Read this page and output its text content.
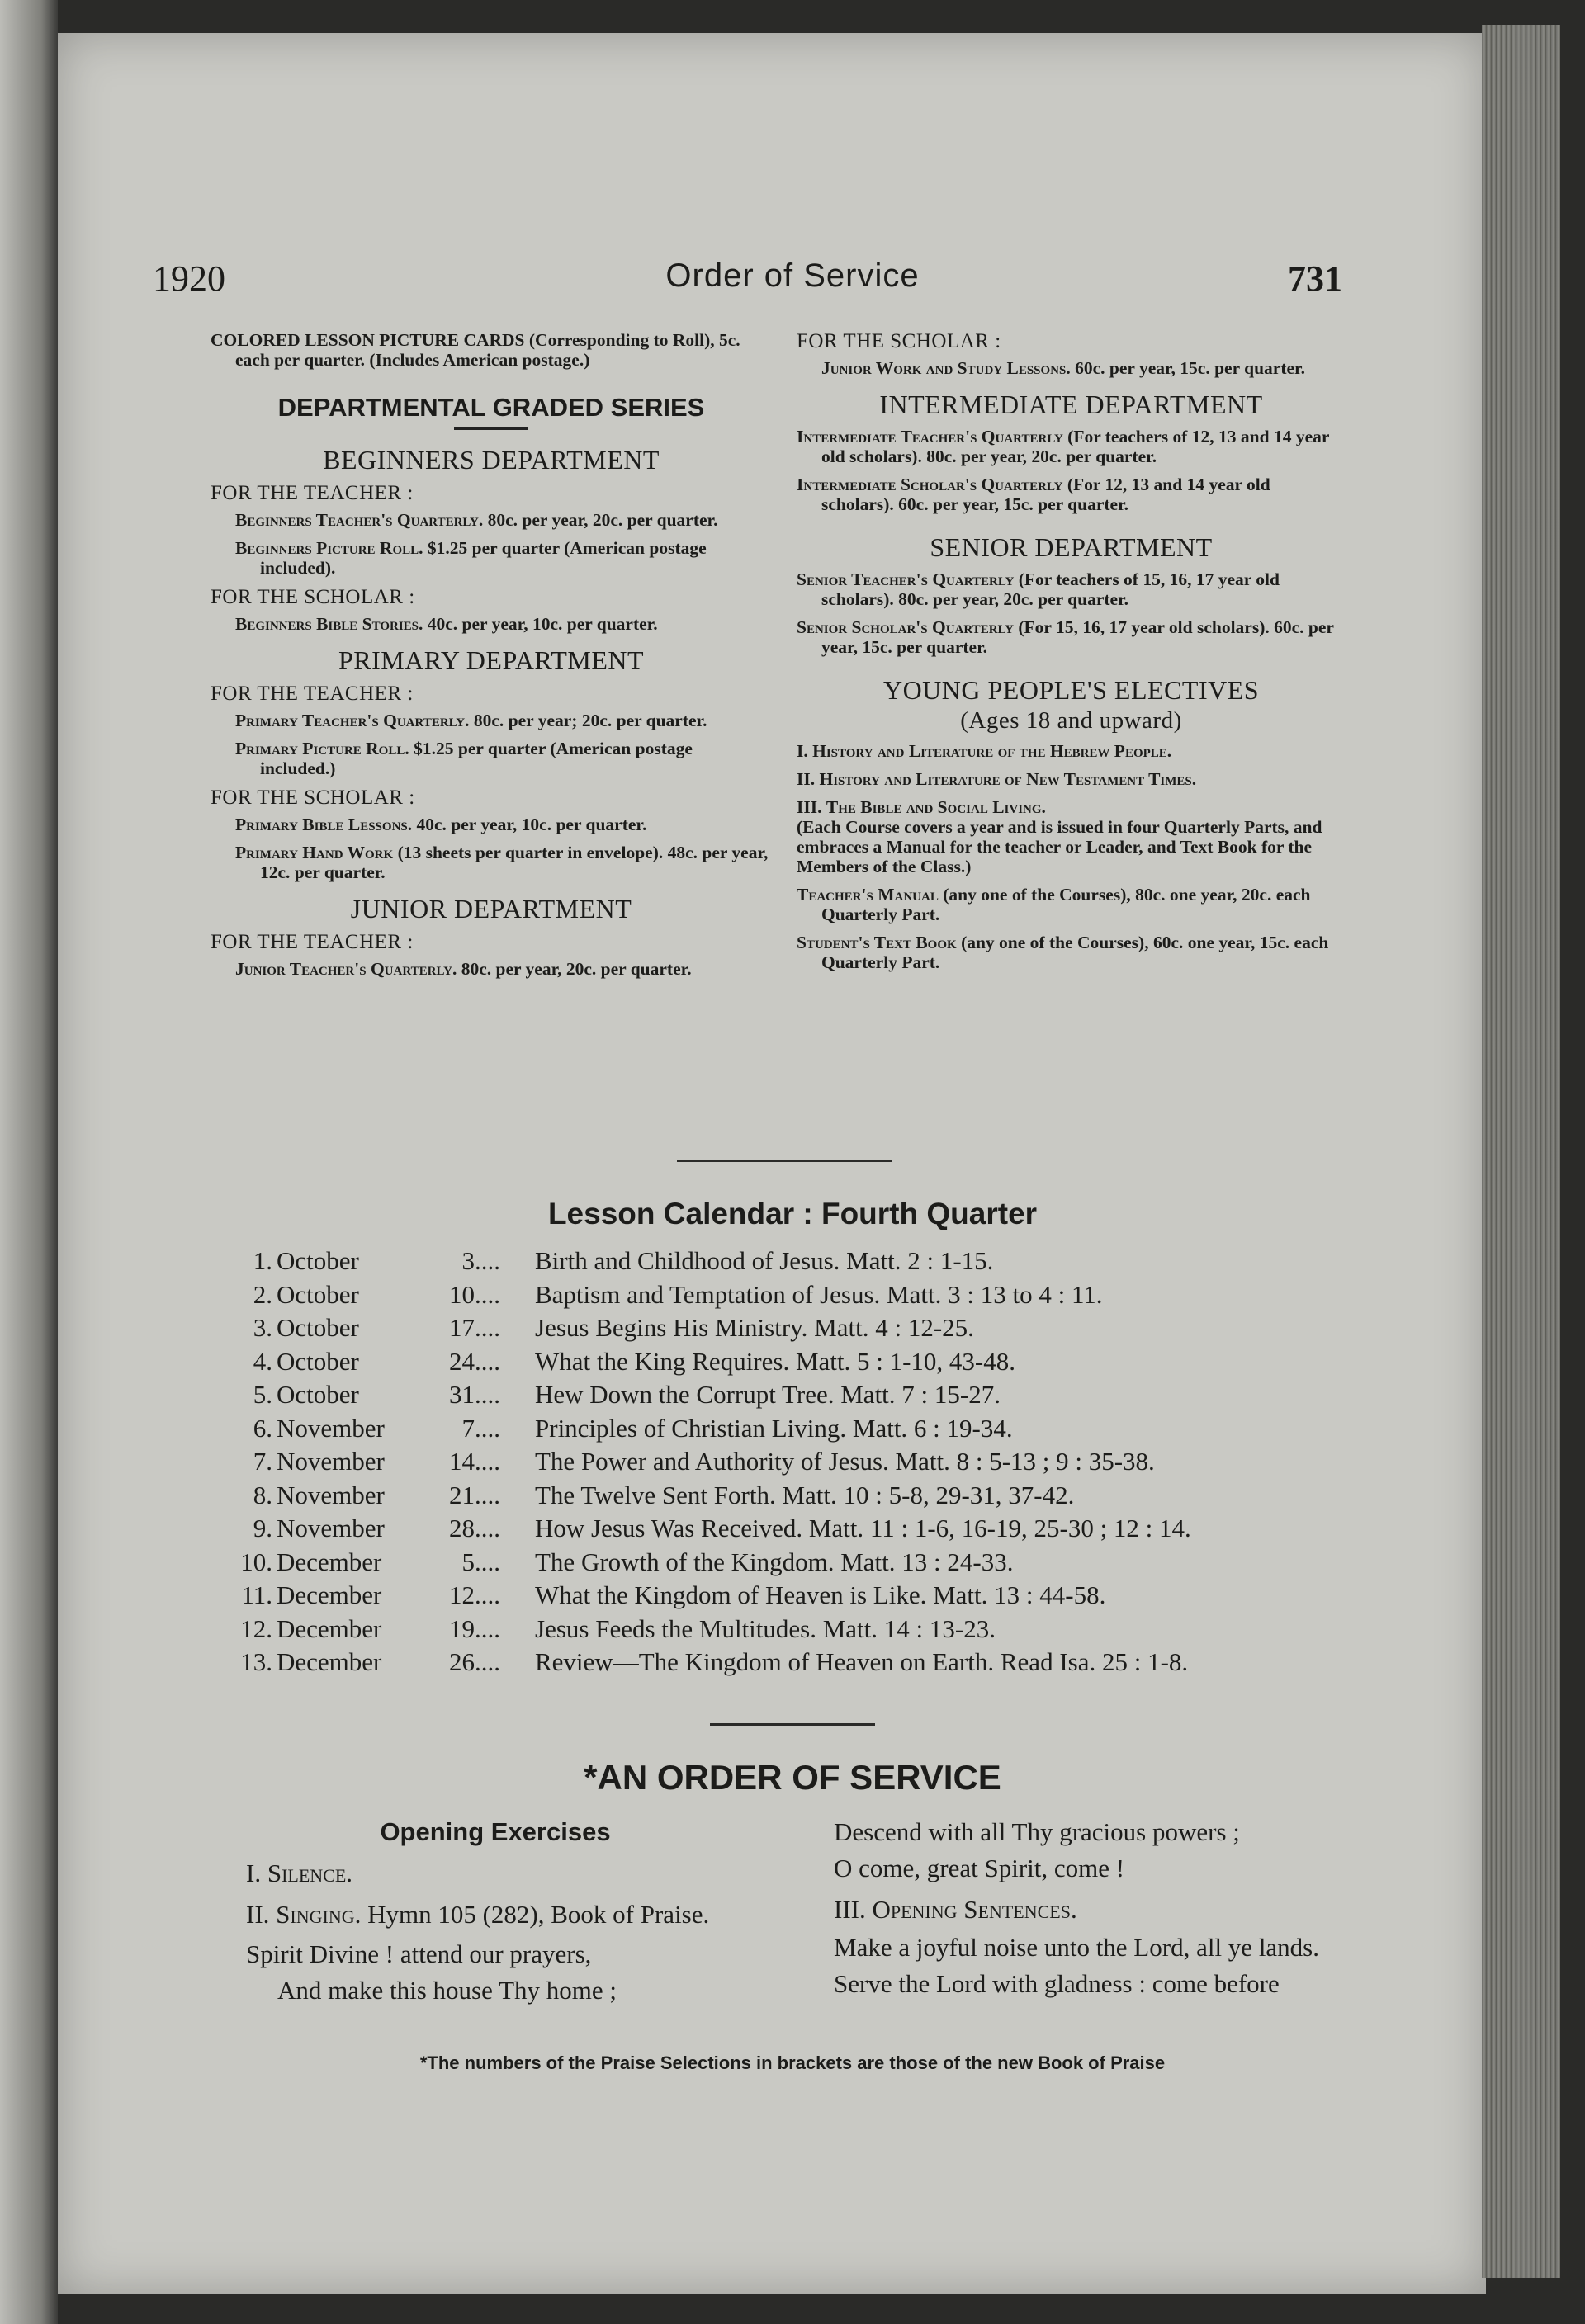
1920	Order of Service	731

COLORED LESSON PICTURE CARDS (Corresponding to Roll), 5c. each per quarter. (Includes American postage.)

DEPARTMENTAL GRADED SERIES
BEGINNERS DEPARTMENT
FOR THE TEACHER :

Beginners Teacher's Quarterly. 80c. per year, 20c. per quarter.

Beginners Picture Roll. $1.25 per quarter (American postage included).

FOR THE SCHOLAR :

Beginners Bible Stories. 40c. per year, 10c. per quarter.

PRIMARY DEPARTMENT
FOR THE TEACHER :

Primary Teacher's Quarterly. 80c. per year; 20c. per quarter.

Primary Picture Roll. $1.25 per quarter (American postage included.)

FOR THE SCHOLAR :

Primary Bible Lessons. 40c. per year, 10c. per quarter.

Primary Hand Work (13 sheets per quarter in envelope). 48c. per year, 12c. per quarter.

JUNIOR DEPARTMENT
FOR THE TEACHER :

Junior Teacher's Quarterly. 80c. per year, 20c. per quarter.

FOR THE SCHOLAR :

Junior Work and Study Lessons. 60c. per year, 15c. per quarter.

INTERMEDIATE DEPARTMENT

Intermediate Teacher's Quarterly (For teachers of 12, 13 and 14 year old scholars). 80c. per year, 20c. per quarter.

Intermediate Scholar's Quarterly (For 12, 13 and 14 year old scholars). 60c. per year, 15c. per quarter.

SENIOR DEPARTMENT

Senior Teacher's Quarterly (For teachers of 15, 16, 17 year old scholars). 80c. per year, 20c. per quarter.

Senior Scholar's Quarterly (For 15, 16, 17 year old scholars). 60c. per year, 15c. per quarter.

YOUNG PEOPLE'S ELECTIVES
(Ages 18 and upward)

I. History and Literature of the Hebrew People.

II. History and Literature of New Testament Times.

III. The Bible and Social Living.

(Each Course covers a year and is issued in four Quarterly Parts, and embraces a Manual for the teacher or Leader, and Text Book for the Members of the Class.)

Teacher's Manual (any one of the Courses), 80c. one year, 20c. each Quarterly Part.

Student's Text Book (any one of the Courses), 60c. one year, 15c. each Quarterly Part.

Lesson Calendar : Fourth Quarter
1. October	3 .... Birth and Childhood of Jesus. Matt. 2 : 1-15.
2. October	10 .... Baptism and Temptation of Jesus. Matt. 3 : 13 to 4 : 11.
3. October	17 .... Jesus Begins His Ministry. Matt. 4 : 12-25.
4. October	24 .... What the King Requires. Matt. 5 : 1-10, 43-48.
5. October	31 .... Hew Down the Corrupt Tree. Matt. 7 : 15-27.
6. November	7 .... Principles of Christian Living. Matt. 6 : 19-34.
7. November	14 .... The Power and Authority of Jesus. Matt. 8 : 5-13 ; 9 : 35-38.
8. November	21 .... The Twelve Sent Forth. Matt. 10 : 5-8, 29-31, 37-42.
9. November	28 .... How Jesus Was Received. Matt. 11 : 1-6, 16-19, 25-30 ; 12 : 14.
10. December	5 .... The Growth of the Kingdom. Matt. 13 : 24-33.
11. December	12 .... What the Kingdom of Heaven is Like. Matt. 13 : 44-58.
12. December	19 .... Jesus Feeds the Multitudes. Matt. 14 : 13-23.
13. December	26 .... Review—The Kingdom of Heaven on Earth. Read Isa. 25 : 1-8.
*AN ORDER OF SERVICE

Opening Exercises

I. Silence.

II. Singing. Hymn 105 (282), Book of Praise.

Spirit Divine ! attend our prayers,

And make this house Thy home ;

Descend with all Thy gracious powers ;

O come, great Spirit, come !

III. Opening Sentences.

Make a joyful noise unto the Lord, all ye lands.

Serve the Lord with gladness : come before

*The numbers of the Praise Selections in brackets are those of the new Book of Praise
